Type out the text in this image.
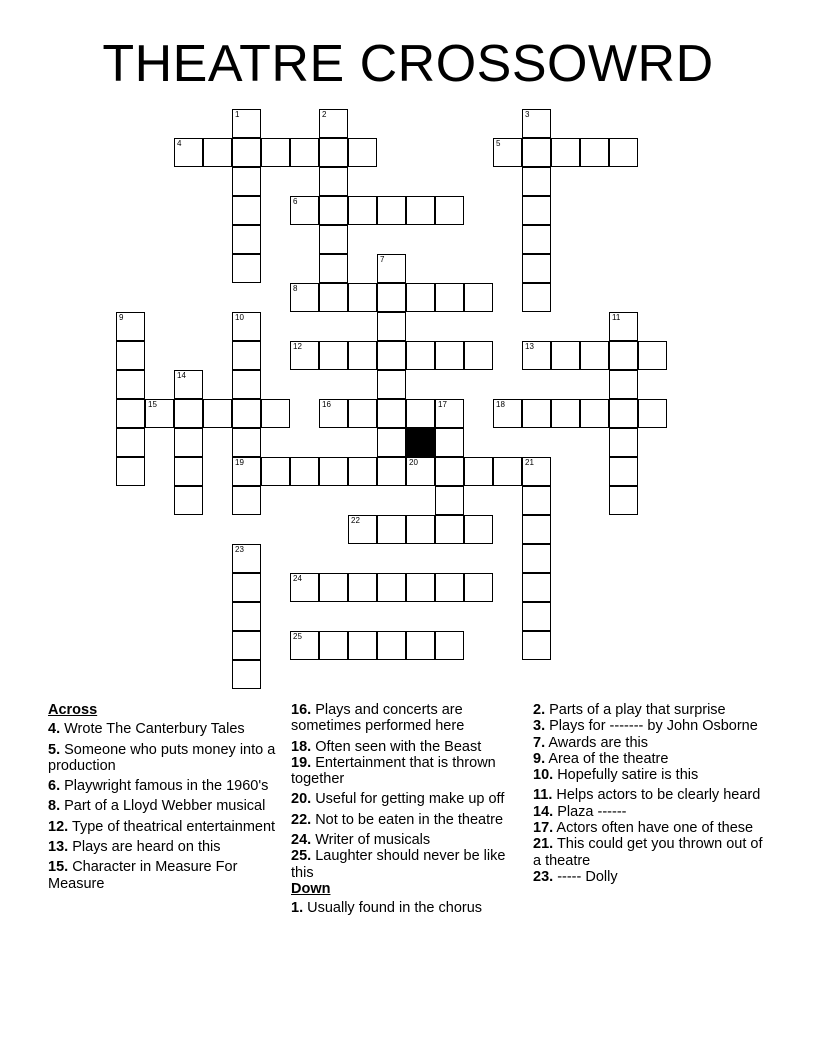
THEATRE CROSSOWRD
1	2	3
4	5
6
7
8
9	10	11
12	13
14
15	16	17	18
19	20	21
22
23
24
25
Across
4. Wrote The Canterbury Tales
5. Someone who puts money into a production
6. Playwright famous in the 1960's
8. Part of a Lloyd Webber musical
12. Type of theatrical entertainment
13. Plays are heard on this
15. Character in Measure For Measure
16. Plays and concerts are sometimes performed here
18. Often seen with the Beast
19. Entertainment that is thrown together
20. Useful for getting make up off
22. Not to be eaten in the theatre
24. Writer of musicals
25. Laughter should never be like this
Down
1. Usually found in the chorus
2. Parts of a play that surprise
3. Plays for ------- by John Osborne
7. Awards are this
9. Area of the theatre
10. Hopefully satire is this
11. Helps actors to be clearly heard
14. Plaza ------
17. Actors often have one of these
21. This could get you thrown out of a theatre
23. ----- Dolly
